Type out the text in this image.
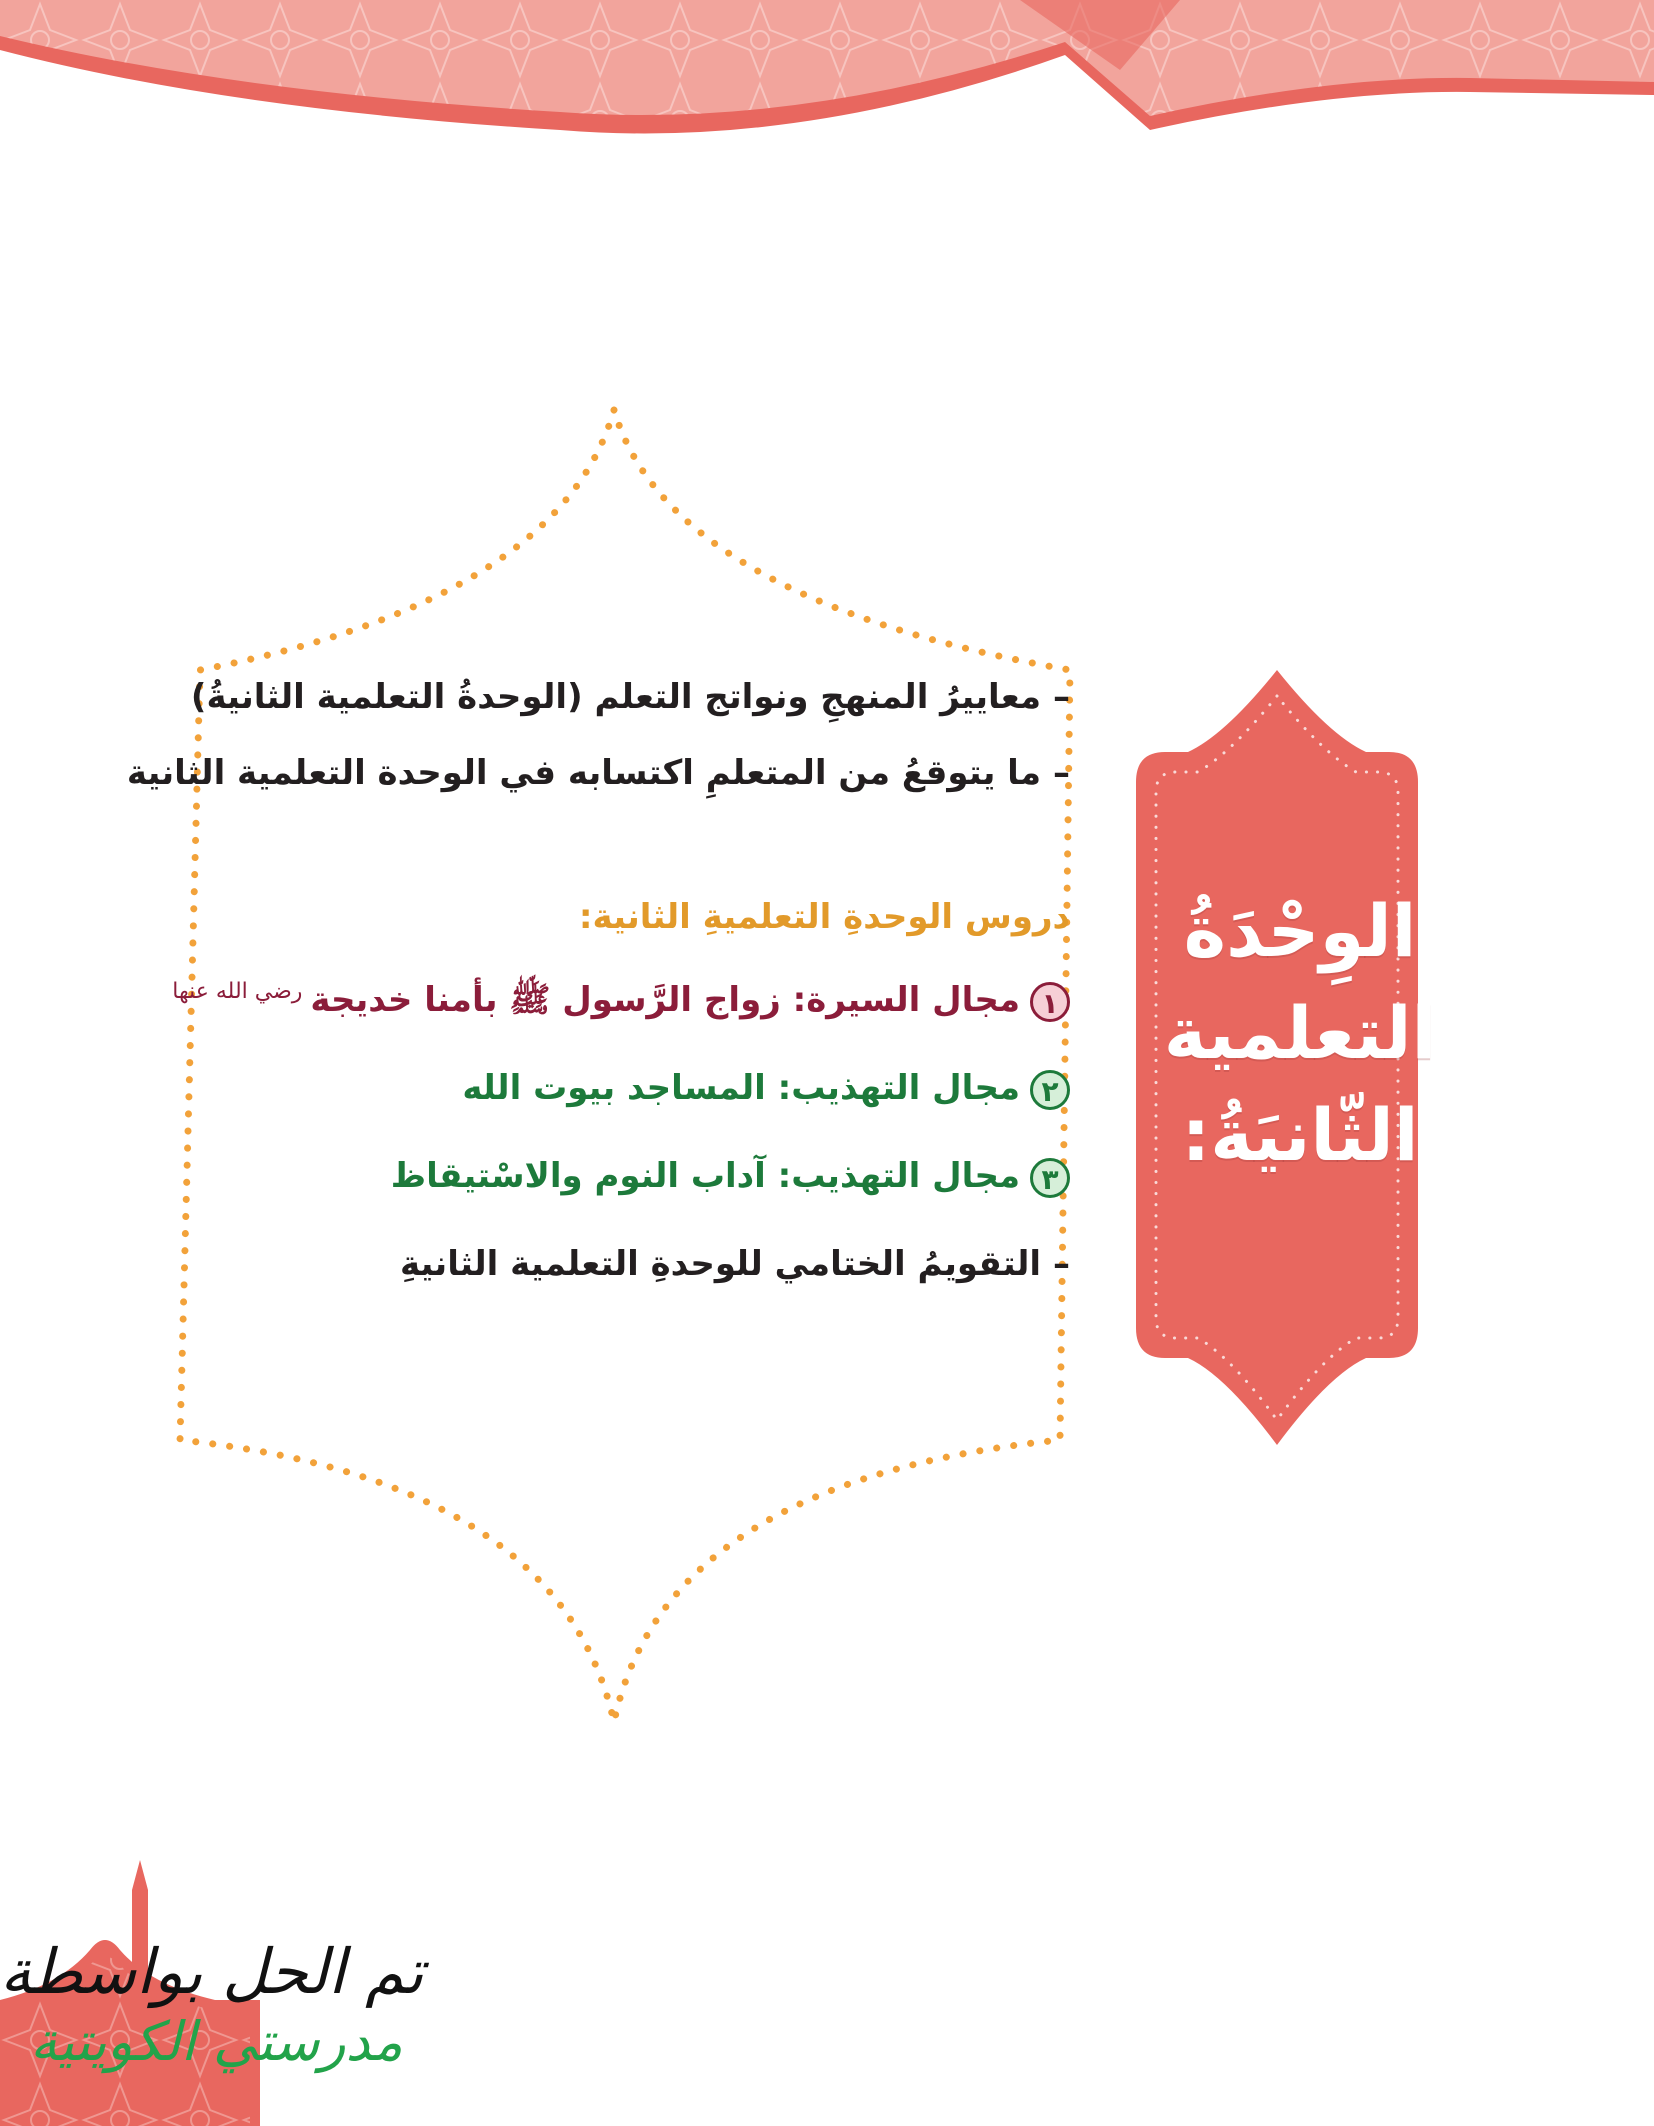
–معاييرُ المنهجِ ونواتج التعلم (الوحدةُ التعلمية الثانيةُ)
–ما يتوقعُ من المتعلمِ اكتسابه في الوحدة التعلمية الثانية
دروس الوحدةِ التعلميةِ الثانية:
١مجال السيرة: زواج الرَّسول ﷺ بأمنا خديجة$^{رضي الله عنها}$
٢مجال التهذيب: المساجد بيوت الله
٣مجال التهذيب: آداب النوم والاسْتيقاظ
–التقويمُ الختامي للوحدةِ التعلمية الثانيةِ
الوِحْدَةُ
التعلمية
الثّانيَةُ:
تم الحل بواسطة
مدرستي الكويتية
